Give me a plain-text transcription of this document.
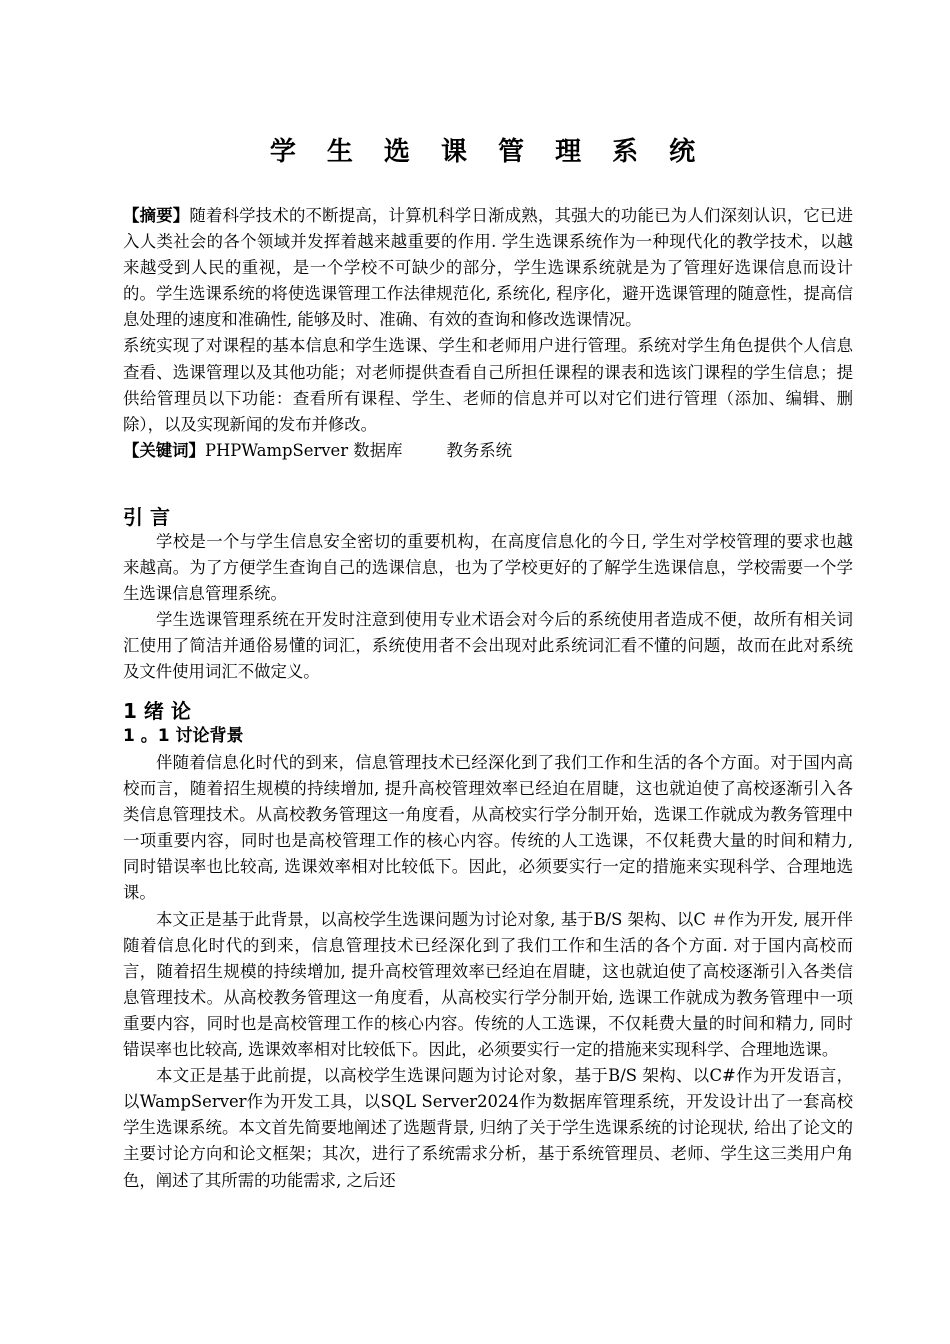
学 生 选 课 管 理 系 统

【摘要】随着科学技术的不断提高，计算机科学日渐成熟，其强大的功能已为人们深刻认识，它已进入人类社会的各个领域并发挥着越来越重要的作用. 学生选课系统作为一种现代化的教学技术，以越来越受到人民的重视，是一个学校不可缺少的部分，学生选课系统就是为了管理好选课信息而设计的。学生选课系统的将使选课管理工作法律规范化, 系统化, 程序化，避开选课管理的随意性，提高信息处理的速度和准确性, 能够及时、准确、有效的查询和修改选课情况。

系统实现了对课程的基本信息和学生选课、学生和老师用户进行管理。系统对学生角色提供个人信息查看、选课管理以及其他功能；对老师提供查看自己所担任课程的课表和选该门课程的学生信息；提供给管理员以下功能：查看所有课程、学生、老师的信息并可以对它们进行管理（添加、编辑、删除），以及实现新闻的发布并修改。

【关键词】PHPWampServer 数据库	教务系统

引 言

学校是一个与学生信息安全密切的重要机构，在高度信息化的今日, 学生对学校管理的要求也越来越高。为了方便学生查询自己的选课信息，也为了学校更好的了解学生选课信息，学校需要一个学生选课信息管理系统。

学生选课管理系统在开发时注意到使用专业术语会对今后的系统使用者造成不便，故所有相关词汇使用了简洁并通俗易懂的词汇，系统使用者不会出现对此系统词汇看不懂的问题，故而在此对系统及文件使用词汇不做定义。

1 绪 论
1 。1 讨论背景

伴随着信息化时代的到来，信息管理技术已经深化到了我们工作和生活的各个方面。对于国内高校而言，随着招生规模的持续增加, 提升高校管理效率已经迫在眉睫，这也就迫使了高校逐渐引入各类信息管理技术。从高校教务管理这一角度看，从高校实行学分制开始，选课工作就成为教务管理中一项重要内容，同时也是高校管理工作的核心内容。传统的人工选课，不仅耗费大量的时间和精力, 同时错误率也比较高, 选课效率相对比较低下。因此，必须要实行一定的措施来实现科学、合理地选课。

本文正是基于此背景，以高校学生选课问题为讨论对象, 基于B/S 架构、以C ＃作为开发, 展开伴随着信息化时代的到来，信息管理技术已经深化到了我们工作和生活的各个方面. 对于国内高校而言，随着招生规模的持续增加, 提升高校管理效率已经迫在眉睫，这也就迫使了高校逐渐引入各类信息管理技术。从高校教务管理这一角度看，从高校实行学分制开始, 选课工作就成为教务管理中一项重要内容，同时也是高校管理工作的核心内容。传统的人工选课，不仅耗费大量的时间和精力, 同时错误率也比较高, 选课效率相对比较低下。因此，必须要实行一定的措施来实现科学、合理地选课。

本文正是基于此前提，以高校学生选课问题为讨论对象，基于B/S 架构、以C#作为开发语言，以WampServer作为开发工具，以SQL Server2024作为数据库管理系统，开发设计出了一套高校学生选课系统。本文首先简要地阐述了选题背景, 归纳了关于学生选课系统的讨论现状, 给出了论文的主要讨论方向和论文框架；其次，进行了系统需求分析，基于系统管理员、老师、学生这三类用户角色，阐述了其所需的功能需求, 之后还
